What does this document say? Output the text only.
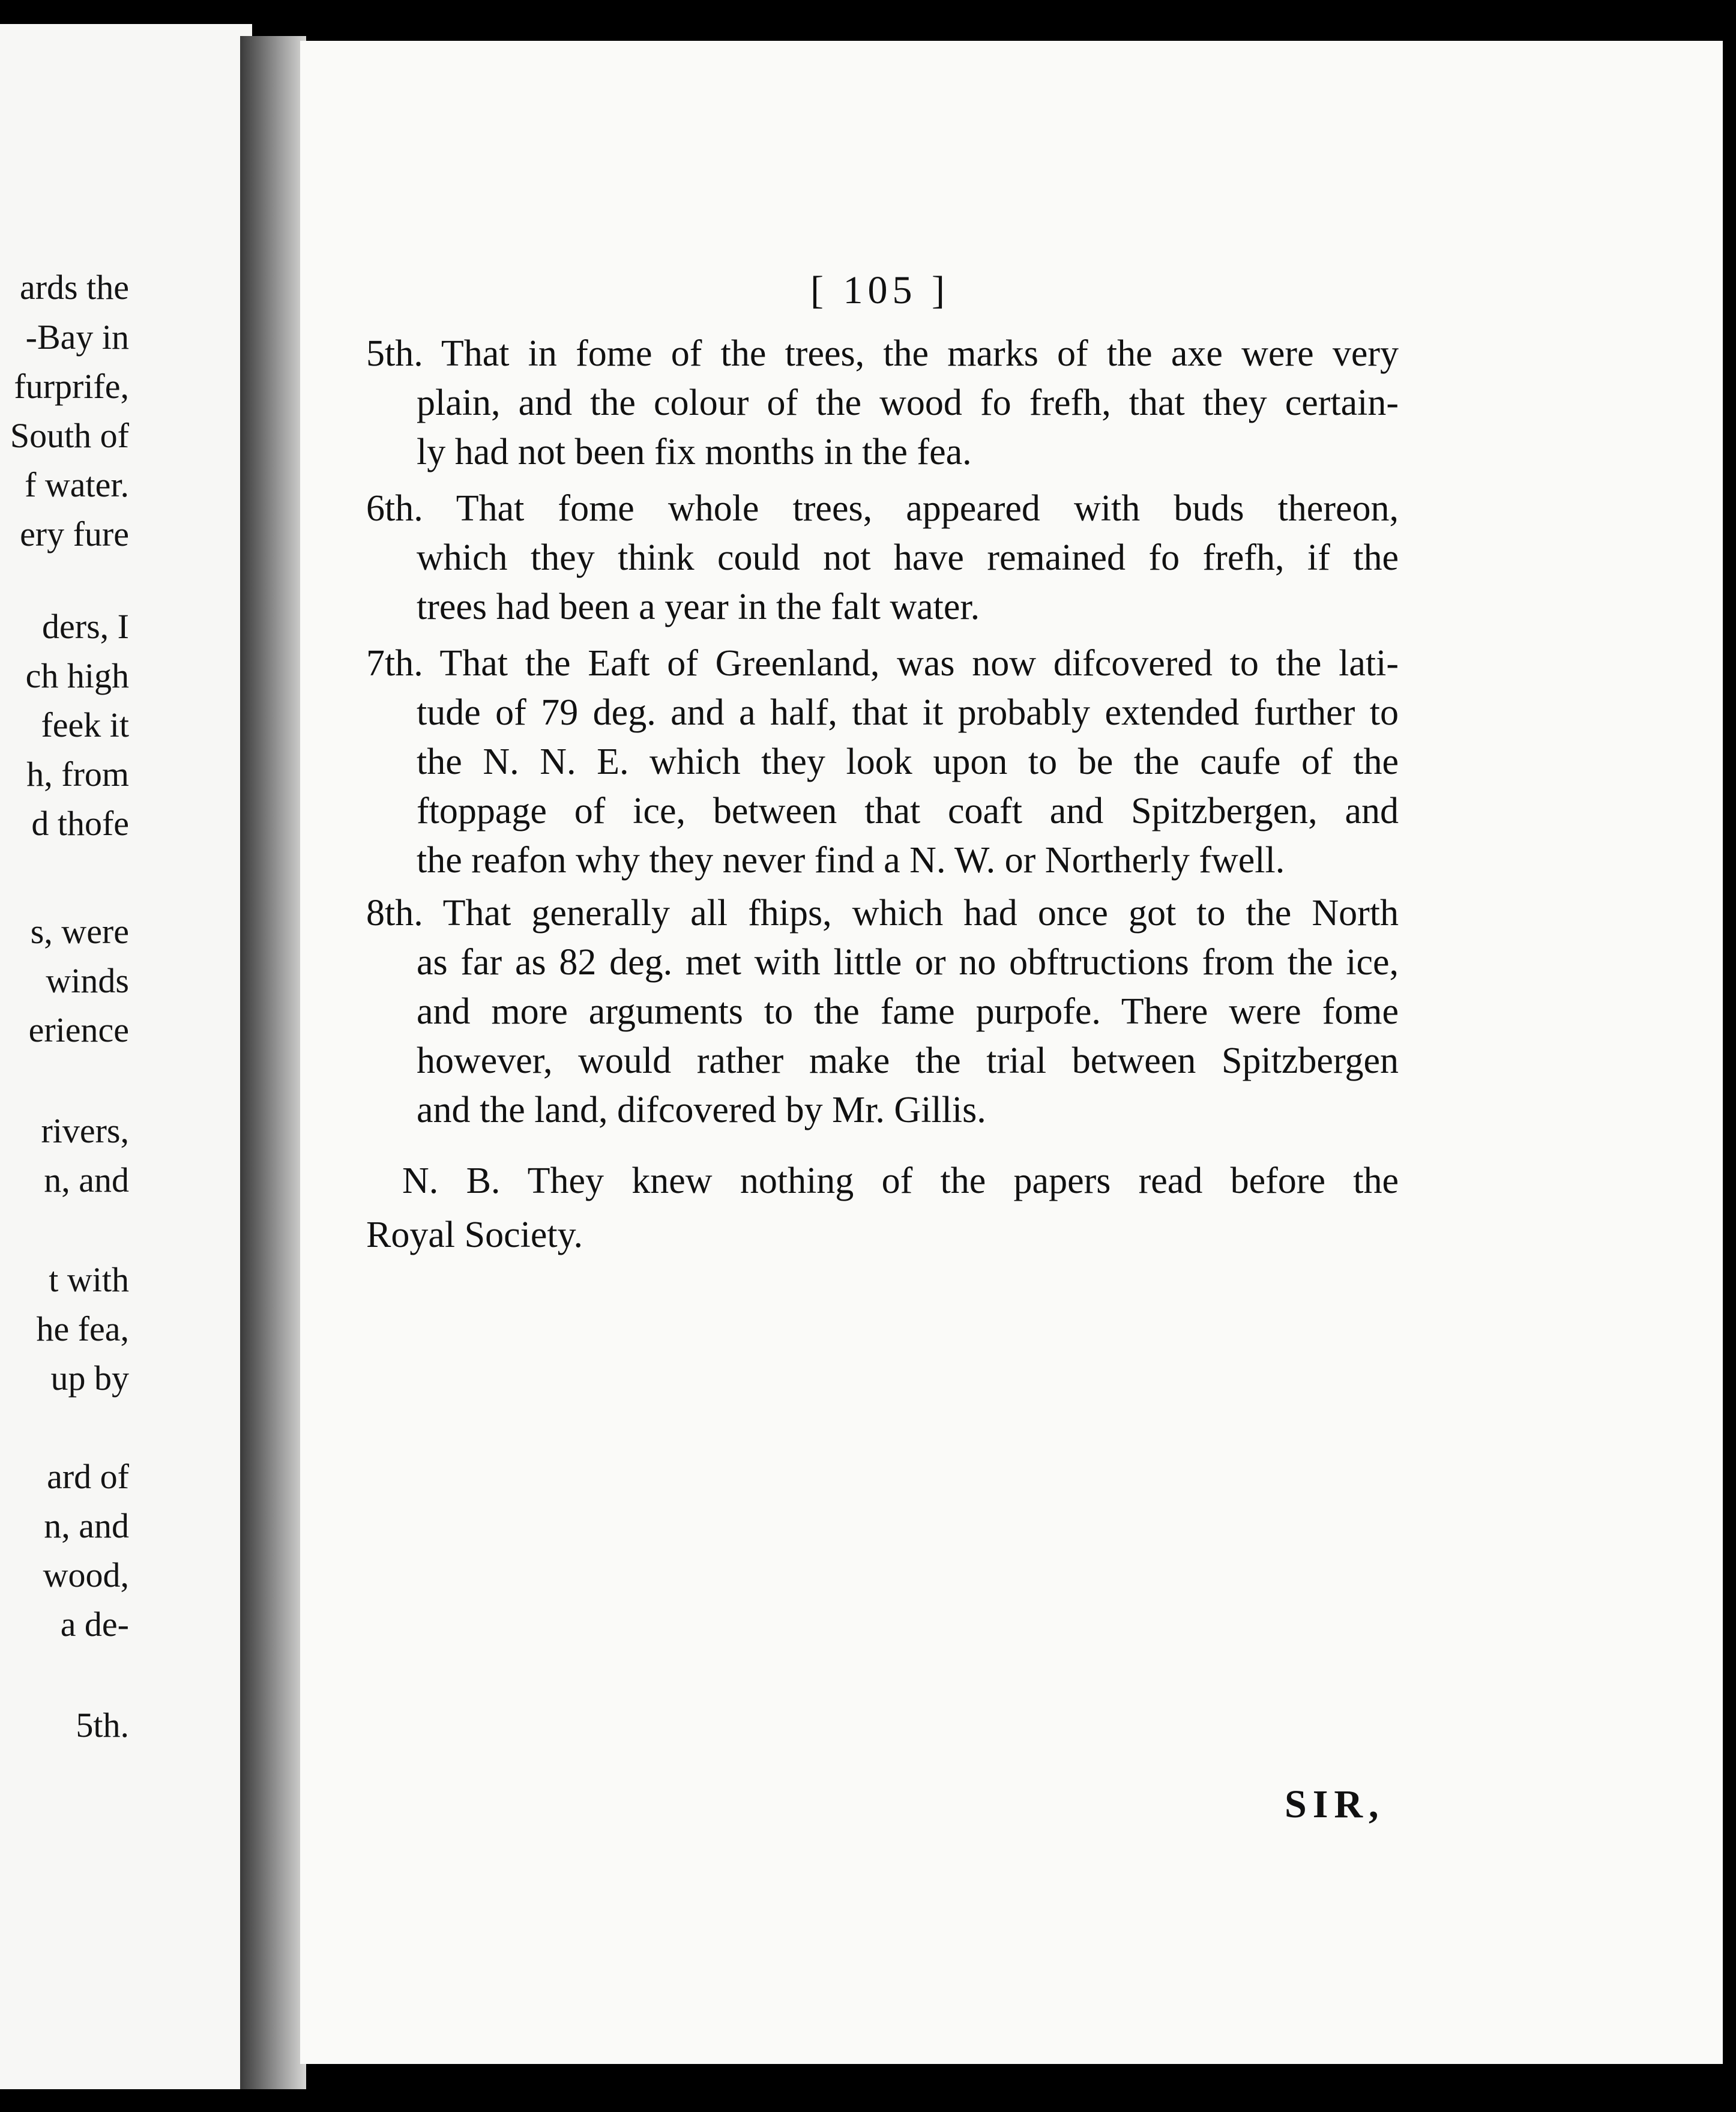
ards the
-Bay in
furprife,
South of
f water.
ery fure
ders, I
ch high
feek it
h, from
d thofe
s, were
winds
erience
rivers,
n, and
t with
he fea,
up by
ard of
n, and
wood,
a de-
5th.
[ 105 ]
5th. That in fome of the trees, the marks of the axe were very
plain, and the colour of the wood fo frefh, that they certain-
ly had not been fix months in the fea.
6th. That fome whole trees, appeared with buds thereon,
which they think could not have remained fo frefh, if the
trees had been a year in the falt water.
7th. That the Eaft of Greenland, was now difcovered to the lati-
tude of 79 deg. and a half, that it probably extended further to
the N. N. E. which they look upon to be the caufe of the
ftoppage of ice, between that coaft and Spitzbergen, and
the reafon why they never find a N. W. or Northerly fwell.
8th. That generally all fhips, which had once got to the North
as far as 82 deg. met with little or no obftructions from the ice,
and more arguments to the fame purpofe. There were fome
however, would rather make the trial between Spitzbergen
and the land, difcovered by Mr. Gillis.
N. B. They knew nothing of the papers read before the
Royal Society.
SIR,
